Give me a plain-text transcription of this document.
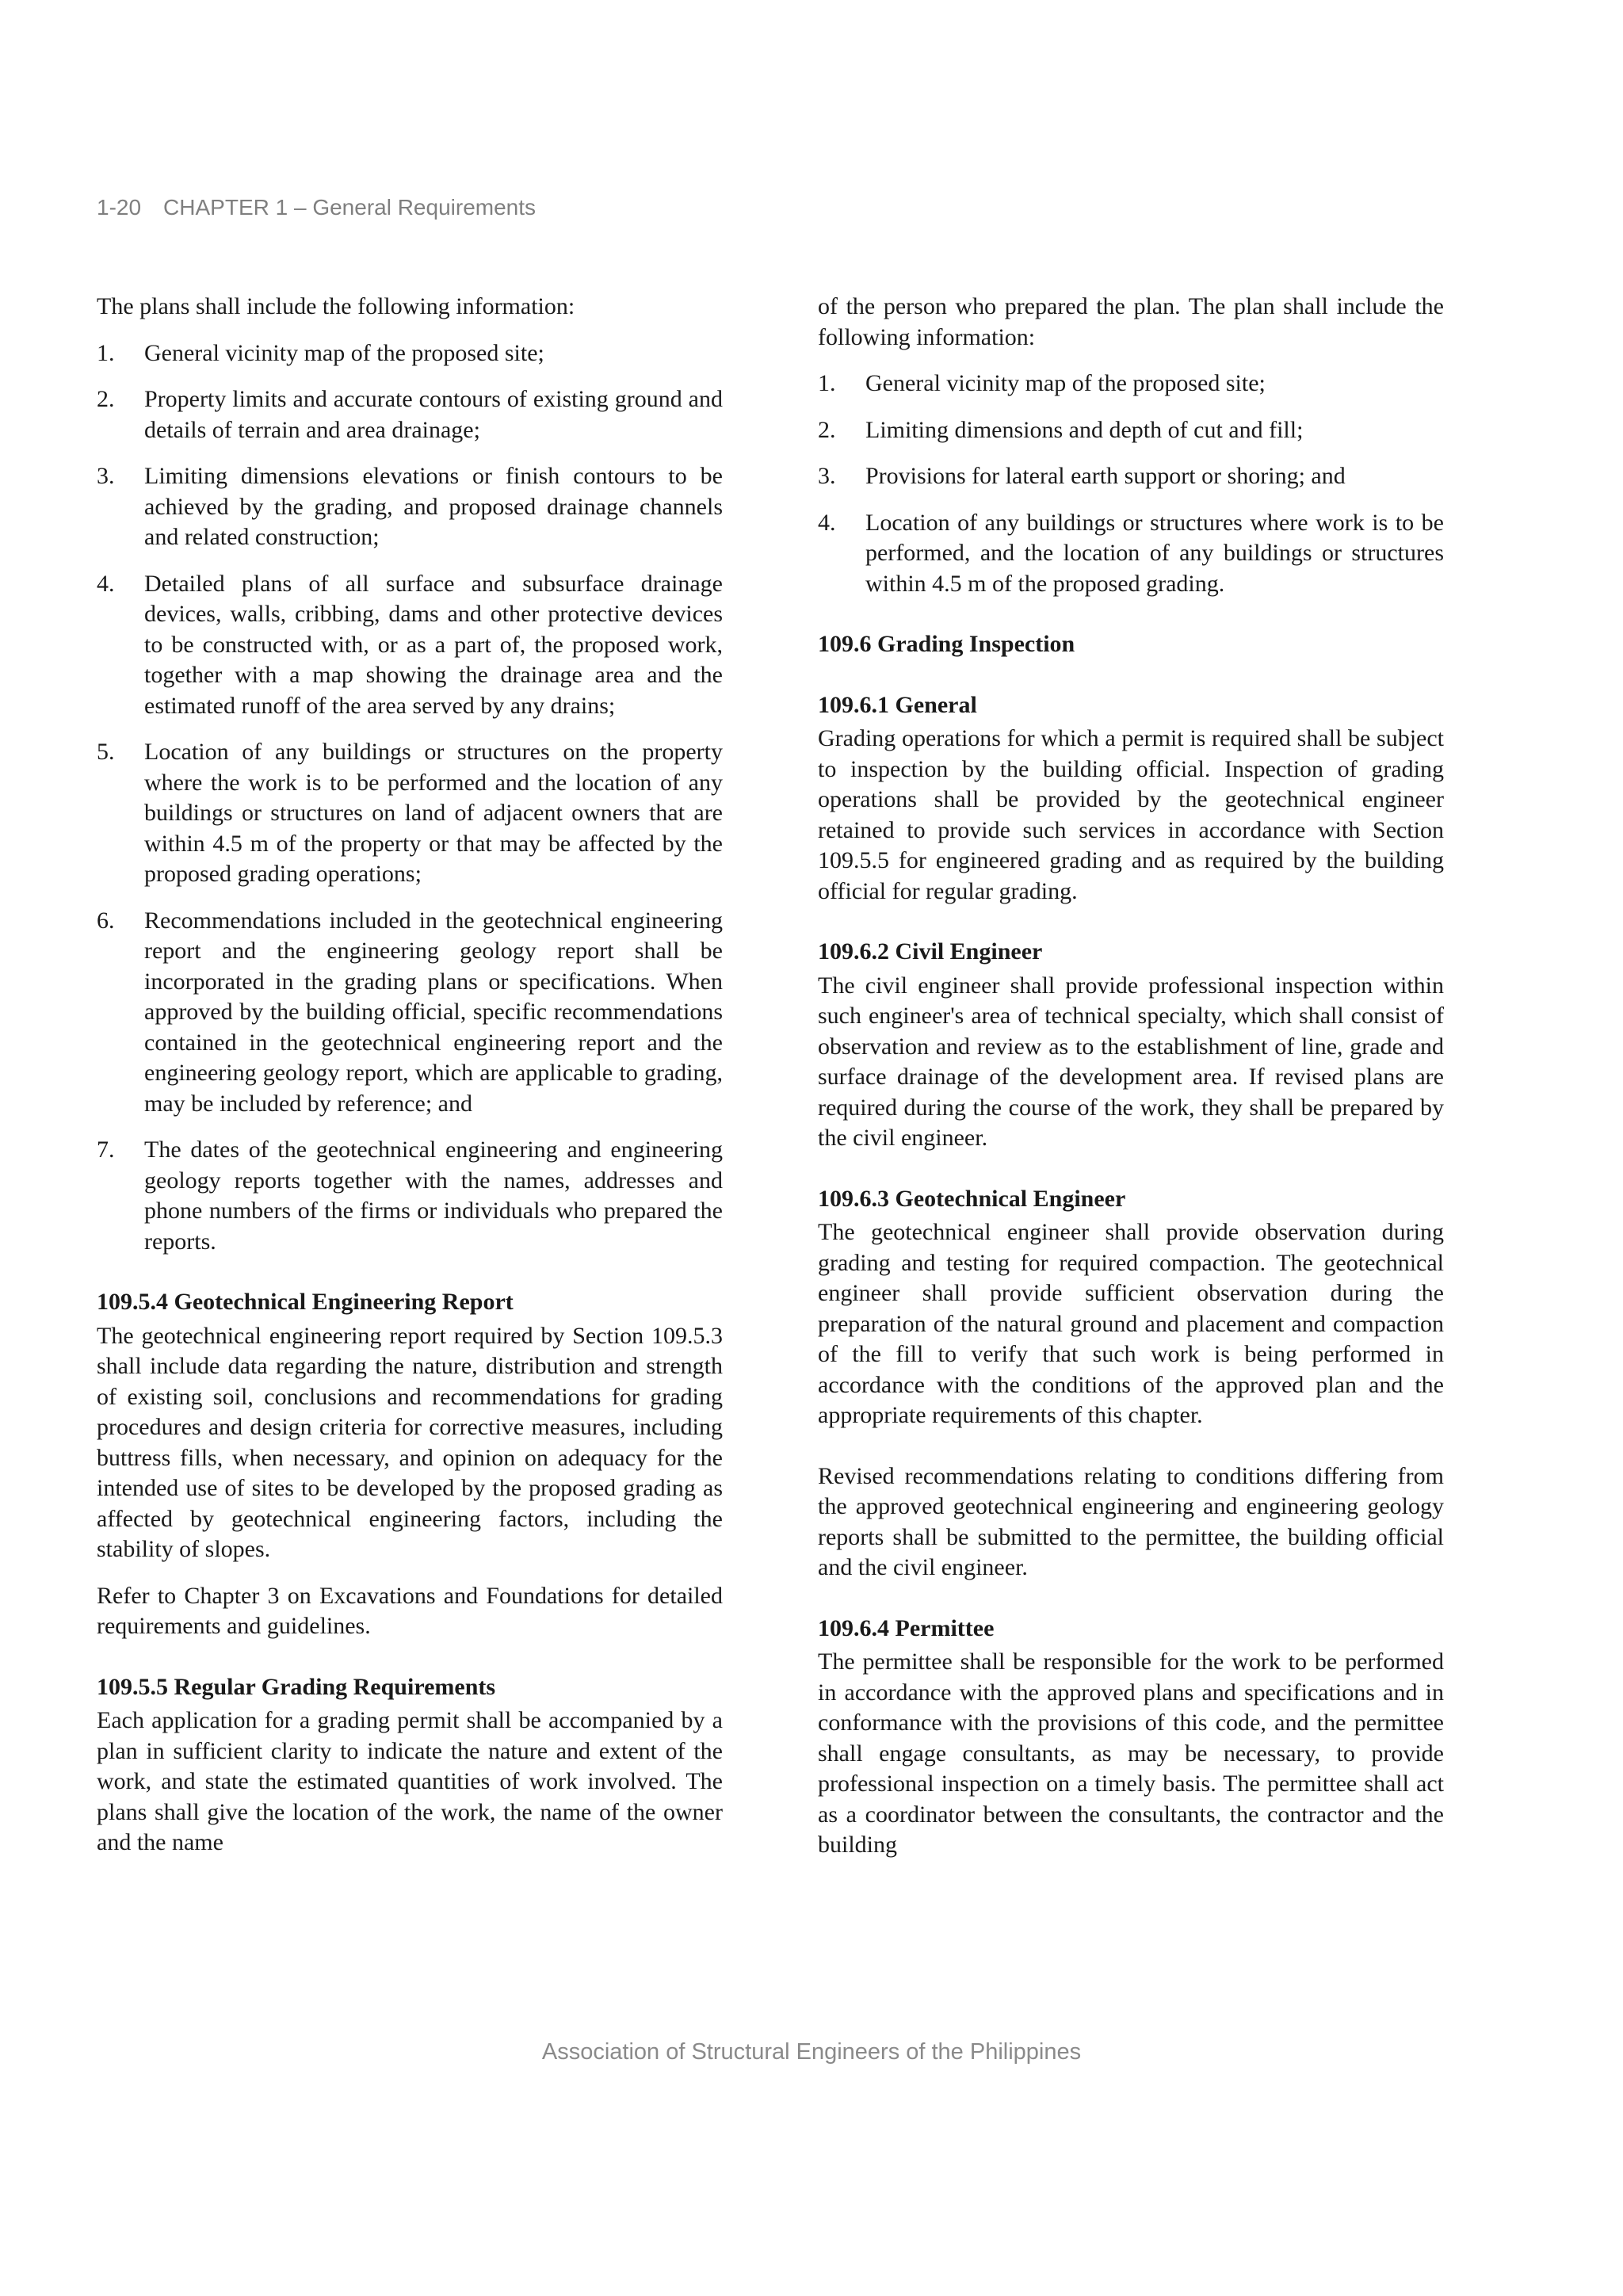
1-20 CHAPTER 1 – General Requirements

The plans shall include the following information:

1. General vicinity map of the proposed site;
2. Property limits and accurate contours of existing ground and details of terrain and area drainage;
3. Limiting dimensions elevations or finish contours to be achieved by the grading, and proposed drainage channels and related construction;
4. Detailed plans of all surface and subsurface drainage devices, walls, cribbing, dams and other protective devices to be constructed with, or as a part of, the proposed work, together with a map showing the drainage area and the estimated runoff of the area served by any drains;
5. Location of any buildings or structures on the property where the work is to be performed and the location of any buildings or structures on land of adjacent owners that are within 4.5 m of the property or that may be affected by the proposed grading operations;
6. Recommendations included in the geotechnical engineering report and the engineering geology report shall be incorporated in the grading plans or specifications. When approved by the building official, specific recommendations contained in the geotechnical engineering report and the engineering geology report, which are applicable to grading, may be included by reference; and
7. The dates of the geotechnical engineering and engineering geology reports together with the names, addresses and phone numbers of the firms or individuals who prepared the reports.
109.5.4 Geotechnical Engineering Report

The geotechnical engineering report required by Section 109.5.3 shall include data regarding the nature, distribution and strength of existing soil, conclusions and recommendations for grading procedures and design criteria for corrective measures, including buttress fills, when necessary, and opinion on adequacy for the intended use of sites to be developed by the proposed grading as affected by geotechnical engineering factors, including the stability of slopes.

Refer to Chapter 3 on Excavations and Foundations for detailed requirements and guidelines.

109.5.5 Regular Grading Requirements

Each application for a grading permit shall be accompanied by a plan in sufficient clarity to indicate the nature and extent of the work, and state the estimated quantities of work involved. The plans shall give the location of the work, the name of the owner and the name

of the person who prepared the plan. The plan shall include the following information:

1. General vicinity map of the proposed site;
2. Limiting dimensions and depth of cut and fill;
3. Provisions for lateral earth support or shoring; and
4. Location of any buildings or structures where work is to be performed, and the location of any buildings or structures within 4.5 m of the proposed grading.
109.6 Grading Inspection
109.6.1 General

Grading operations for which a permit is required shall be subject to inspection by the building official. Inspection of grading operations shall be provided by the geotechnical engineer retained to provide such services in accordance with Section 109.5.5 for engineered grading and as required by the building official for regular grading.

109.6.2 Civil Engineer

The civil engineer shall provide professional inspection within such engineer's area of technical specialty, which shall consist of observation and review as to the establishment of line, grade and surface drainage of the development area. If revised plans are required during the course of the work, they shall be prepared by the civil engineer.

109.6.3 Geotechnical Engineer

The geotechnical engineer shall provide observation during grading and testing for required compaction. The geotechnical engineer shall provide sufficient observation during the preparation of the natural ground and placement and compaction of the fill to verify that such work is being performed in accordance with the conditions of the approved plan and the appropriate requirements of this chapter.

Revised recommendations relating to conditions differing from the approved geotechnical engineering and engineering geology reports shall be submitted to the permittee, the building official and the civil engineer.

109.6.4 Permittee

The permittee shall be responsible for the work to be performed in accordance with the approved plans and specifications and in conformance with the provisions of this code, and the permittee shall engage consultants, as may be necessary, to provide professional inspection on a timely basis. The permittee shall act as a coordinator between the consultants, the contractor and the building

Association of Structural Engineers of the Philippines
